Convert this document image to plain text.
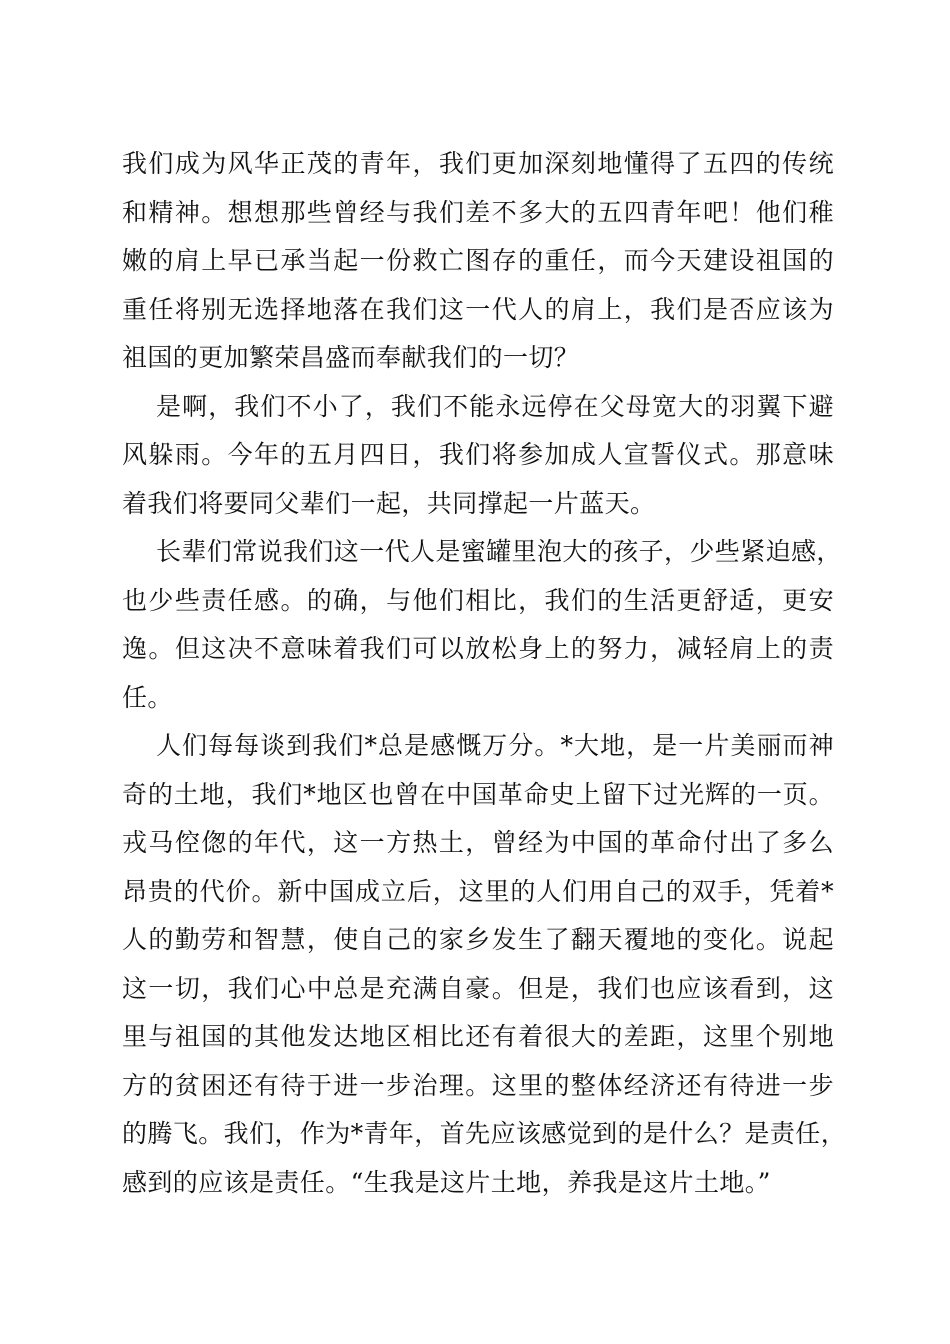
我们成为风华正茂的青年，我们更加深刻地懂得了五四的传统
和精神。想想那些曾经与我们差不多大的五四青年吧！他们稚
嫩的肩上早已承当起一份救亡图存的重任，而今天建设祖国的
重任将别无选择地落在我们这一代人的肩上，我们是否应该为
祖国的更加繁荣昌盛而奉献我们的一切？
是啊，我们不小了，我们不能永远停在父母宽大的羽翼下避
风躲雨。今年的五月四日，我们将参加成人宣誓仪式。那意味
着我们将要同父辈们一起，共同撑起一片蓝天。
长辈们常说我们这一代人是蜜罐里泡大的孩子，少些紧迫感，
也少些责任感。的确，与他们相比，我们的生活更舒适，更安
逸。但这决不意味着我们可以放松身上的努力，减轻肩上的责
任。
人们每每谈到我们*总是感慨万分。*大地，是一片美丽而神
奇的土地，我们*地区也曾在中国革命史上留下过光辉的一页。
戎马倥偬的年代，这一方热土，曾经为中国的革命付出了多么
昂贵的代价。新中国成立后，这里的人们用自己的双手，凭着*
人的勤劳和智慧，使自己的家乡发生了翻天覆地的变化。说起
这一切，我们心中总是充满自豪。但是，我们也应该看到，这
里与祖国的其他发达地区相比还有着很大的差距，这里个别地
方的贫困还有待于进一步治理。这里的整体经济还有待进一步
的腾飞。我们，作为*青年，首先应该感觉到的是什么？是责任，
感到的应该是责任。“生我是这片土地，养我是这片土地。”
